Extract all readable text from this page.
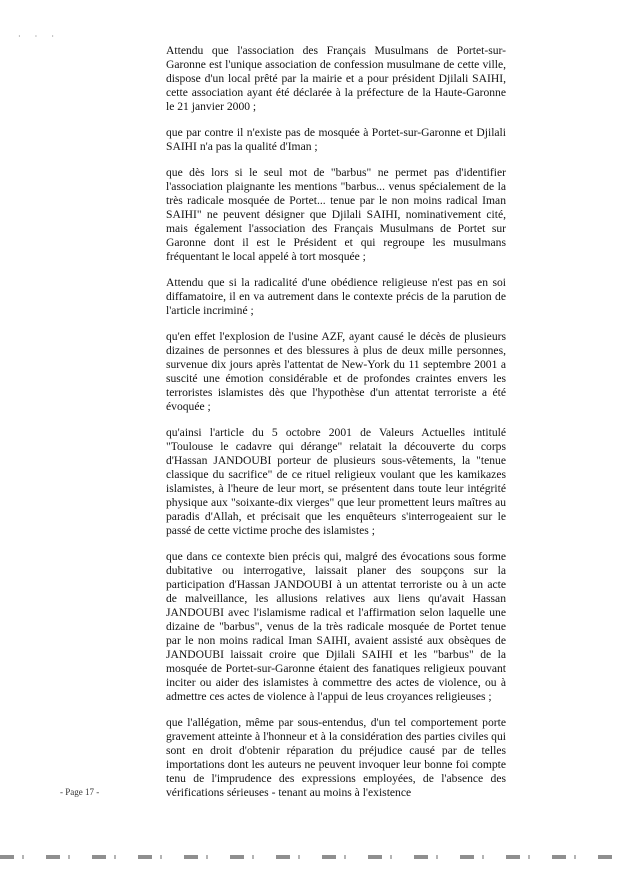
· · ·

Attendu que l'association des Français Musulmans de Portet-sur-Garonne est l'unique association de confession musulmane de cette ville, dispose d'un local prêté par la mairie et a pour président Djilali SAIHI, cette association ayant été déclarée à la préfecture de la Haute-Garonne le 21 janvier 2000 ;

que par contre il n'existe pas de mosquée à Portet-sur-Garonne et Djilali SAIHI n'a pas la qualité d'Iman ;

que dès lors si le seul mot de "barbus" ne permet pas d'identifier l'association plaignante les mentions "barbus... venus spécialement de la très radicale mosquée de Portet... tenue par le non moins radical Iman SAIHI" ne peuvent désigner que Djilali SAIHI, nominativement cité, mais également l'association des Français Musulmans de Portet sur Garonne dont il est le Président et qui regroupe les musulmans fréquentant le local appelé à tort mosquée ;

Attendu que si la radicalité d'une obédience religieuse n'est pas en soi diffamatoire, il en va autrement dans le contexte précis de la parution de l'article incriminé ;

qu'en effet l'explosion de l'usine AZF, ayant causé le décès de plusieurs dizaines de personnes et des blessures à plus de deux mille personnes, survenue dix jours après l'attentat de New-York du 11 septembre 2001 a suscité une émotion considérable et de profondes craintes envers les terroristes islamistes dès que l'hypothèse d'un attentat terroriste a été évoquée ;

qu'ainsi l'article du 5 octobre 2001 de Valeurs Actuelles intitulé "Toulouse le cadavre qui dérange" relatait la découverte du corps d'Hassan JANDOUBI porteur de plusieurs sous-vêtements, la "tenue classique du sacrifice" de ce rituel religieux voulant que les kamikazes islamistes, à l'heure de leur mort, se présentent dans toute leur intégrité physique aux "soixante-dix vierges" que leur promettent leurs maîtres au paradis d'Allah, et précisait que les enquêteurs s'interrogeaient sur le passé de cette victime proche des islamistes ;

que dans ce contexte bien précis qui, malgré des évocations sous forme dubitative ou interrogative, laissait planer des soupçons sur la participation d'Hassan JANDOUBI à un attentat terroriste ou à un acte de malveillance, les allusions relatives aux liens qu'avait Hassan JANDOUBI avec l'islamisme radical et l'affirmation selon laquelle une dizaine de "barbus", venus de la très radicale mosquée de Portet tenue par le non moins radical Iman SAIHI, avaient assisté aux obsèques de JANDOUBI laissait croire que Djilali SAIHI et les "barbus" de la mosquée de Portet-sur-Garonne étaient des fanatiques religieux pouvant inciter ou aider des islamistes à commettre des actes de violence, ou à admettre ces actes de violence à l'appui de leus croyances religieuses ;

que l'allégation, même par sous-entendus, d'un tel comportement porte gravement atteinte à l'honneur et à la considération des parties civiles qui sont en droit d'obtenir réparation du préjudice causé par de telles importations dont les auteurs ne peuvent invoquer leur bonne foi compte tenu de l'imprudence des expressions employées, de l'absence des vérifications sérieuses - tenant au moins à l'existence

- Page 17 -
